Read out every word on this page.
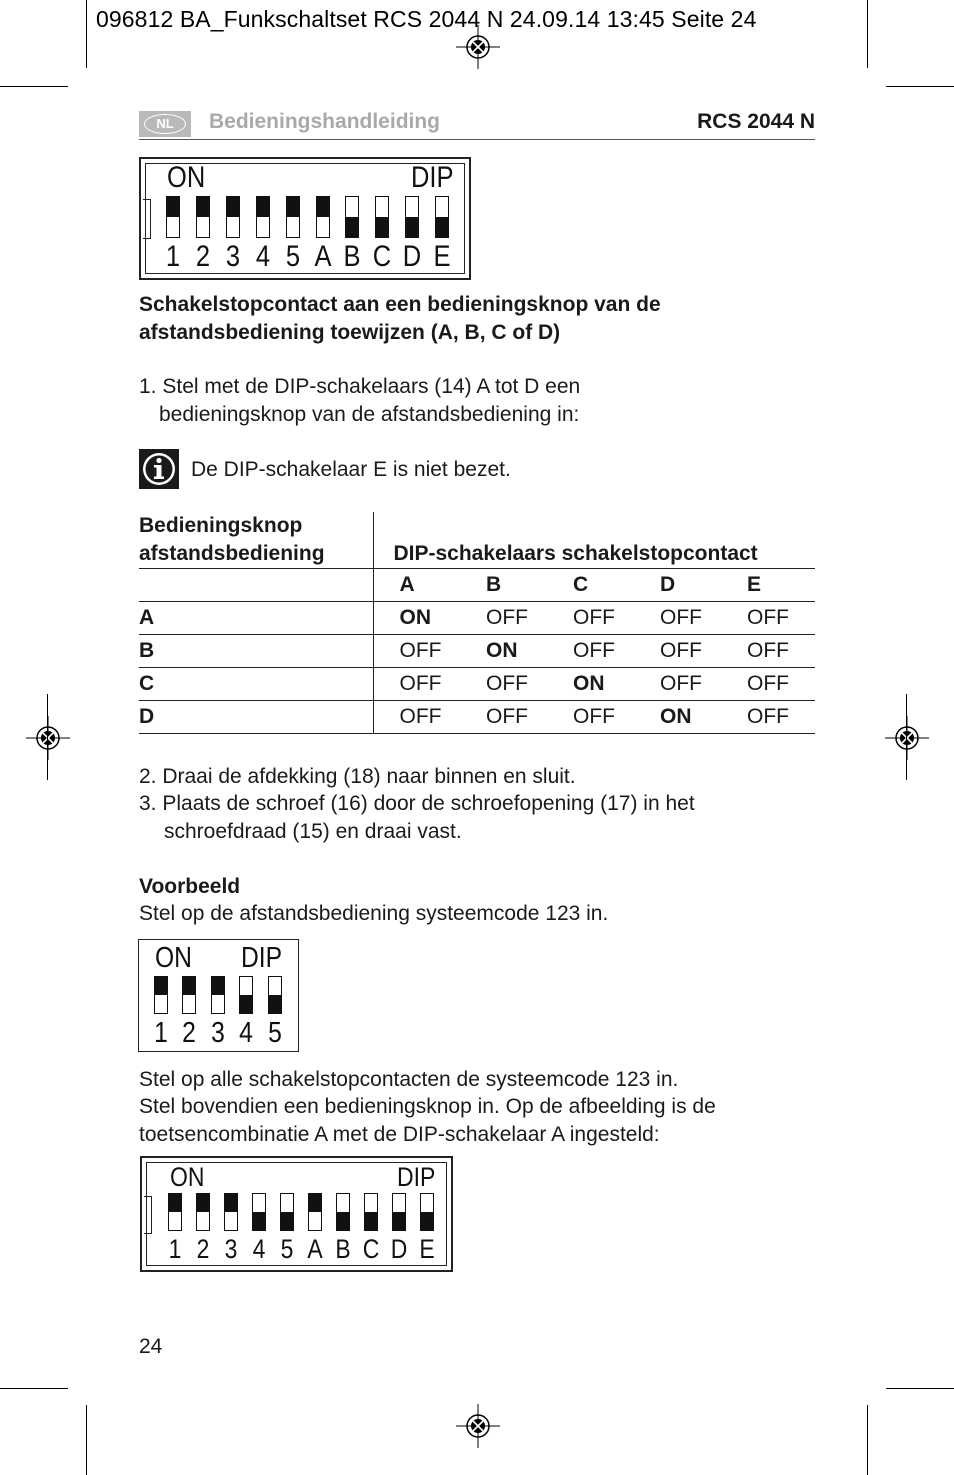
096812 BA_Funkschaltset RCS 2044 N 24.09.14 13:45 Seite 24
NL	Bedieningshandleiding	RCS 2044 N
ON	DIP
1 2 3 4 5 A B C D E
Schakelstopcontact aan een bedieningsknop van de afstandsbediening toewijzen (A, B, C of D)
1. Stel met de DIP-schakelaars (14) A tot D een
bedieningsknop van de afstandsbediening in:
De DIP-schakelaar E is niet bezet.
Bedieningsknop
afstandsbediening	DIP-schakelaars schakelstopcontact				
	A	B	C	D	E
A	ON	OFF	OFF	OFF	OFF
B	OFF	ON	OFF	OFF	OFF
C	OFF	OFF	ON	OFF	OFF
D	OFF	OFF	OFF	ON	OFF
2. Draai de afdekking (18) naar binnen en sluit.
3. Plaats de schroef (16) door de schroefopening (17) in het
schroefdraad (15) en draai vast.
Voorbeeld
Stel op de afstandsbediening systeemcode 123 in.
ON DIP
1 2 3 4 5
Stel op alle schakelstopcontacten de systeemcode 123 in.
Stel bovendien een bedieningsknop in. Op de afbeelding is de
toetsencombinatie A met de DIP-schakelaar A ingesteld:
ON	DIP
1 2 3 4 5 A B C D E
24
